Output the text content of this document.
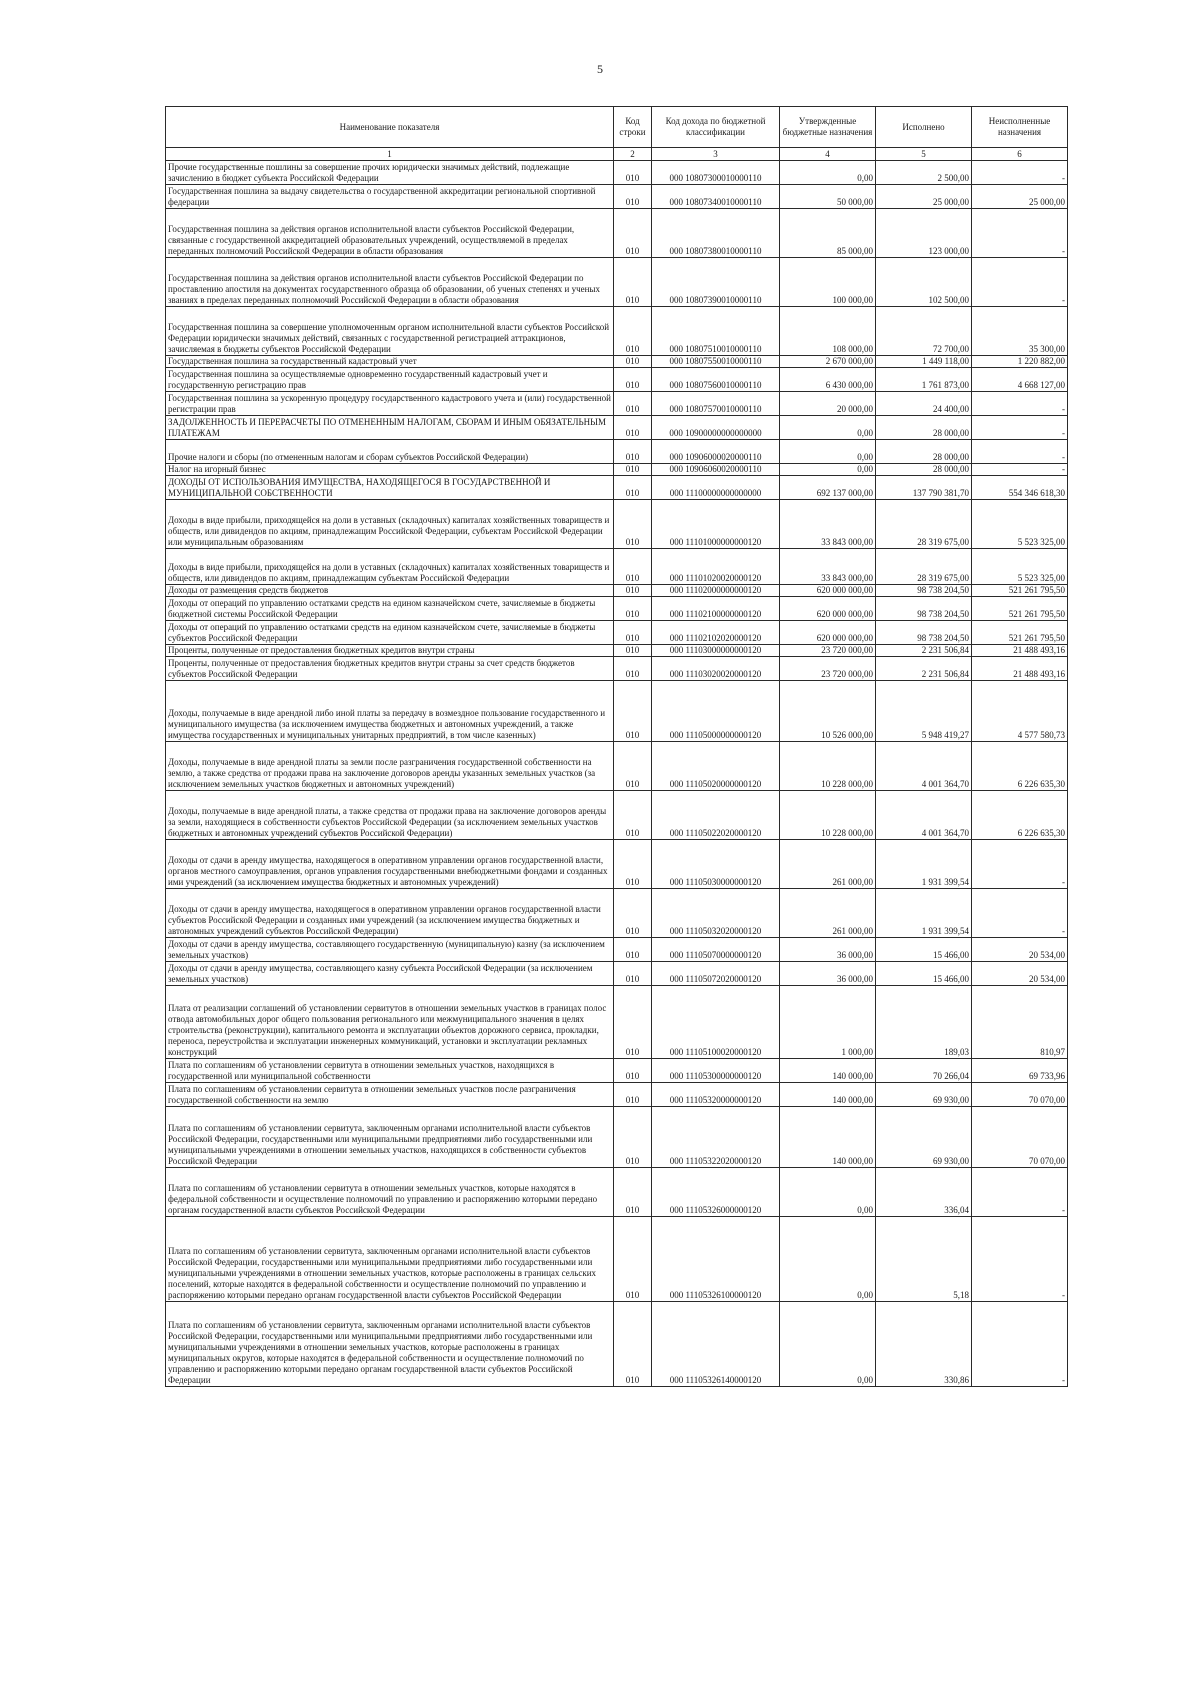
5
Наименование показателя	Код строки	Код дохода по бюджетной классификации	Утвержденные бюджетные назначения	Исполнено	Неисполненные назначения
1	2	3	4	5	6
Прочие государственные пошлины за совершение прочих юридически значимых действий, подлежащие зачислению в бюджет субъекта Российской Федерации	010	000 10807300010000110	0,00	2 500,00	-
Государственная пошлина за выдачу свидетельства о государственной аккредитации региональной спортивной федерации	010	000 10807340010000110	50 000,00	25 000,00	25 000,00
Государственная пошлина за действия органов исполнительной власти субъектов Российской Федерации, связанные с государственной аккредитацией образовательных учреждений, осуществляемой в пределах переданных полномочий Российской Федерации в области образования	010	000 10807380010000110	85 000,00	123 000,00	-
Государственная пошлина за действия органов исполнительной власти субъектов Российской Федерации по проставлению апостиля на документах государственного образца об образовании, об ученых степенях и ученых званиях в пределах переданных полномочий Российской Федерации в области образования	010	000 10807390010000110	100 000,00	102 500,00	-
Государственная пошлина за совершение уполномоченным органом исполнительной власти субъектов Российской Федерации юридически значимых действий, связанных с государственной регистрацией аттракционов, зачисляемая в бюджеты субъектов Российской Федерации	010	000 10807510010000110	108 000,00	72 700,00	35 300,00
Государственная пошлина за государственный кадастровый учет	010	000 10807550010000110	2 670 000,00	1 449 118,00	1 220 882,00
Государственная пошлина за осуществляемые одновременно государственный кадастровый учет и государственную регистрацию прав	010	000 10807560010000110	6 430 000,00	1 761 873,00	4 668 127,00
Государственная пошлина за ускоренную процедуру государственного кадастрового учета и (или) государственной регистрации прав	010	000 10807570010000110	20 000,00	24 400,00	-
ЗАДОЛЖЕННОСТЬ И ПЕРЕРАСЧЕТЫ ПО ОТМЕНЕННЫМ НАЛОГАМ, СБОРАМ И ИНЫМ ОБЯЗАТЕЛЬНЫМ ПЛАТЕЖАМ	010	000 10900000000000000	0,00	28 000,00	-
Прочие налоги и сборы (по отмененным налогам и сборам субъектов Российской Федерации)	010	000 10906000020000110	0,00	28 000,00	-
Налог на игорный бизнес	010	000 10906060020000110	0,00	28 000,00	-
ДОХОДЫ ОТ ИСПОЛЬЗОВАНИЯ ИМУЩЕСТВА, НАХОДЯЩЕГОСЯ В ГОСУДАРСТВЕННОЙ И МУНИЦИПАЛЬНОЙ СОБСТВЕННОСТИ	010	000 11100000000000000	692 137 000,00	137 790 381,70	554 346 618,30
Доходы в виде прибыли, приходящейся на доли в уставных (складочных) капиталах хозяйственных товариществ и обществ, или дивидендов по акциям, принадлежащим Российской Федерации, субъектам Российской Федерации или муниципальным образованиям	010	000 11101000000000120	33 843 000,00	28 319 675,00	5 523 325,00
Доходы в виде прибыли, приходящейся на доли в уставных (складочных) капиталах хозяйственных товариществ и обществ, или дивидендов по акциям, принадлежащим субъектам Российской Федерации	010	000 11101020020000120	33 843 000,00	28 319 675,00	5 523 325,00
Доходы от размещения средств бюджетов	010	000 11102000000000120	620 000 000,00	98 738 204,50	521 261 795,50
Доходы от операций по управлению остатками средств на едином казначейском счете, зачисляемые в бюджеты бюджетной системы Российской Федерации	010	000 11102100000000120	620 000 000,00	98 738 204,50	521 261 795,50
Доходы от операций по управлению остатками средств на едином казначейском счете, зачисляемые в бюджеты субъектов Российской Федерации	010	000 11102102020000120	620 000 000,00	98 738 204,50	521 261 795,50
Проценты, полученные от предоставления бюджетных кредитов внутри страны	010	000 11103000000000120	23 720 000,00	2 231 506,84	21 488 493,16
Проценты, полученные от предоставления бюджетных кредитов внутри страны за счет средств бюджетов субъектов Российской Федерации	010	000 11103020020000120	23 720 000,00	2 231 506,84	21 488 493,16
Доходы, получаемые в виде арендной либо иной платы за передачу в возмездное пользование государственного и муниципального имущества (за исключением имущества бюджетных и автономных учреждений, а также имущества государственных и муниципальных унитарных предприятий, в том числе казенных)	010	000 11105000000000120	10 526 000,00	5 948 419,27	4 577 580,73
Доходы, получаемые в виде арендной платы за земли после разграничения государственной собственности на землю, а также средства от продажи права на заключение договоров аренды указанных земельных участков (за исключением земельных участков бюджетных и автономных учреждений)	010	000 11105020000000120	10 228 000,00	4 001 364,70	6 226 635,30
Доходы, получаемые в виде арендной платы, а также средства от продажи права на заключение договоров аренды за земли, находящиеся в собственности субъектов Российской Федерации (за исключением земельных участков бюджетных и автономных учреждений субъектов Российской Федерации)	010	000 11105022020000120	10 228 000,00	4 001 364,70	6 226 635,30
Доходы от сдачи в аренду имущества, находящегося в оперативном управлении органов государственной власти, органов местного самоуправления, органов управления государственными внебюджетными фондами и созданных ими учреждений (за исключением имущества бюджетных и автономных учреждений)	010	000 11105030000000120	261 000,00	1 931 399,54	-
Доходы от сдачи в аренду имущества, находящегося в оперативном управлении органов государственной власти субъектов Российской Федерации и созданных ими учреждений (за исключением имущества бюджетных и автономных учреждений субъектов Российской Федерации)	010	000 11105032020000120	261 000,00	1 931 399,54	-
Доходы от сдачи в аренду имущества, составляющего государственную (муниципальную) казну (за исключением земельных участков)	010	000 11105070000000120	36 000,00	15 466,00	20 534,00
Доходы от сдачи в аренду имущества, составляющего казну субъекта Российской Федерации (за исключением земельных участков)	010	000 11105072020000120	36 000,00	15 466,00	20 534,00
Плата от реализации соглашений об установлении сервитутов в отношении земельных участков в границах полос отвода автомобильных дорог общего пользования регионального или межмуниципального значения в целях строительства (реконструкции), капитального ремонта и эксплуатации объектов дорожного сервиса, прокладки, переноса, переустройства и эксплуатации инженерных коммуникаций, установки и эксплуатации рекламных конструкций	010	000 11105100020000120	1 000,00	189,03	810,97
Плата по соглашениям об установлении сервитута в отношении земельных участков, находящихся в государственной или муниципальной собственности	010	000 11105300000000120	140 000,00	70 266,04	69 733,96
Плата по соглашениям об установлении сервитута в отношении земельных участков после разграничения государственной собственности на землю	010	000 11105320000000120	140 000,00	69 930,00	70 070,00
Плата по соглашениям об установлении сервитута, заключенным органами исполнительной власти субъектов Российской Федерации, государственными или муниципальными предприятиями либо государственными или муниципальными учреждениями в отношении земельных участков, находящихся в собственности субъектов Российской Федерации	010	000 11105322020000120	140 000,00	69 930,00	70 070,00
Плата по соглашениям об установлении сервитута в отношении земельных участков, которые находятся в федеральной собственности и осуществление полномочий по управлению и распоряжению которыми передано органам государственной власти субъектов Российской Федерации	010	000 11105326000000120	0,00	336,04	-
Плата по соглашениям об установлении сервитута, заключенным органами исполнительной власти субъектов Российской Федерации, государственными или муниципальными предприятиями либо государственными или муниципальными учреждениями в отношении земельных участков, которые расположены в границах сельских поселений, которые находятся в федеральной собственности и осуществление полномочий по управлению и распоряжению которыми передано органам государственной власти субъектов Российской Федерации	010	000 11105326100000120	0,00	5,18	-
Плата по соглашениям об установлении сервитута, заключенным органами исполнительной власти субъектов Российской Федерации, государственными или муниципальными предприятиями либо государственными или муниципальными учреждениями в отношении земельных участков, которые расположены в границах муниципальных округов, которые находятся в федеральной собственности и осуществление полномочий по управлению и распоряжению которыми передано органам государственной власти субъектов Российской Федерации	010	000 11105326140000120	0,00	330,86	-
